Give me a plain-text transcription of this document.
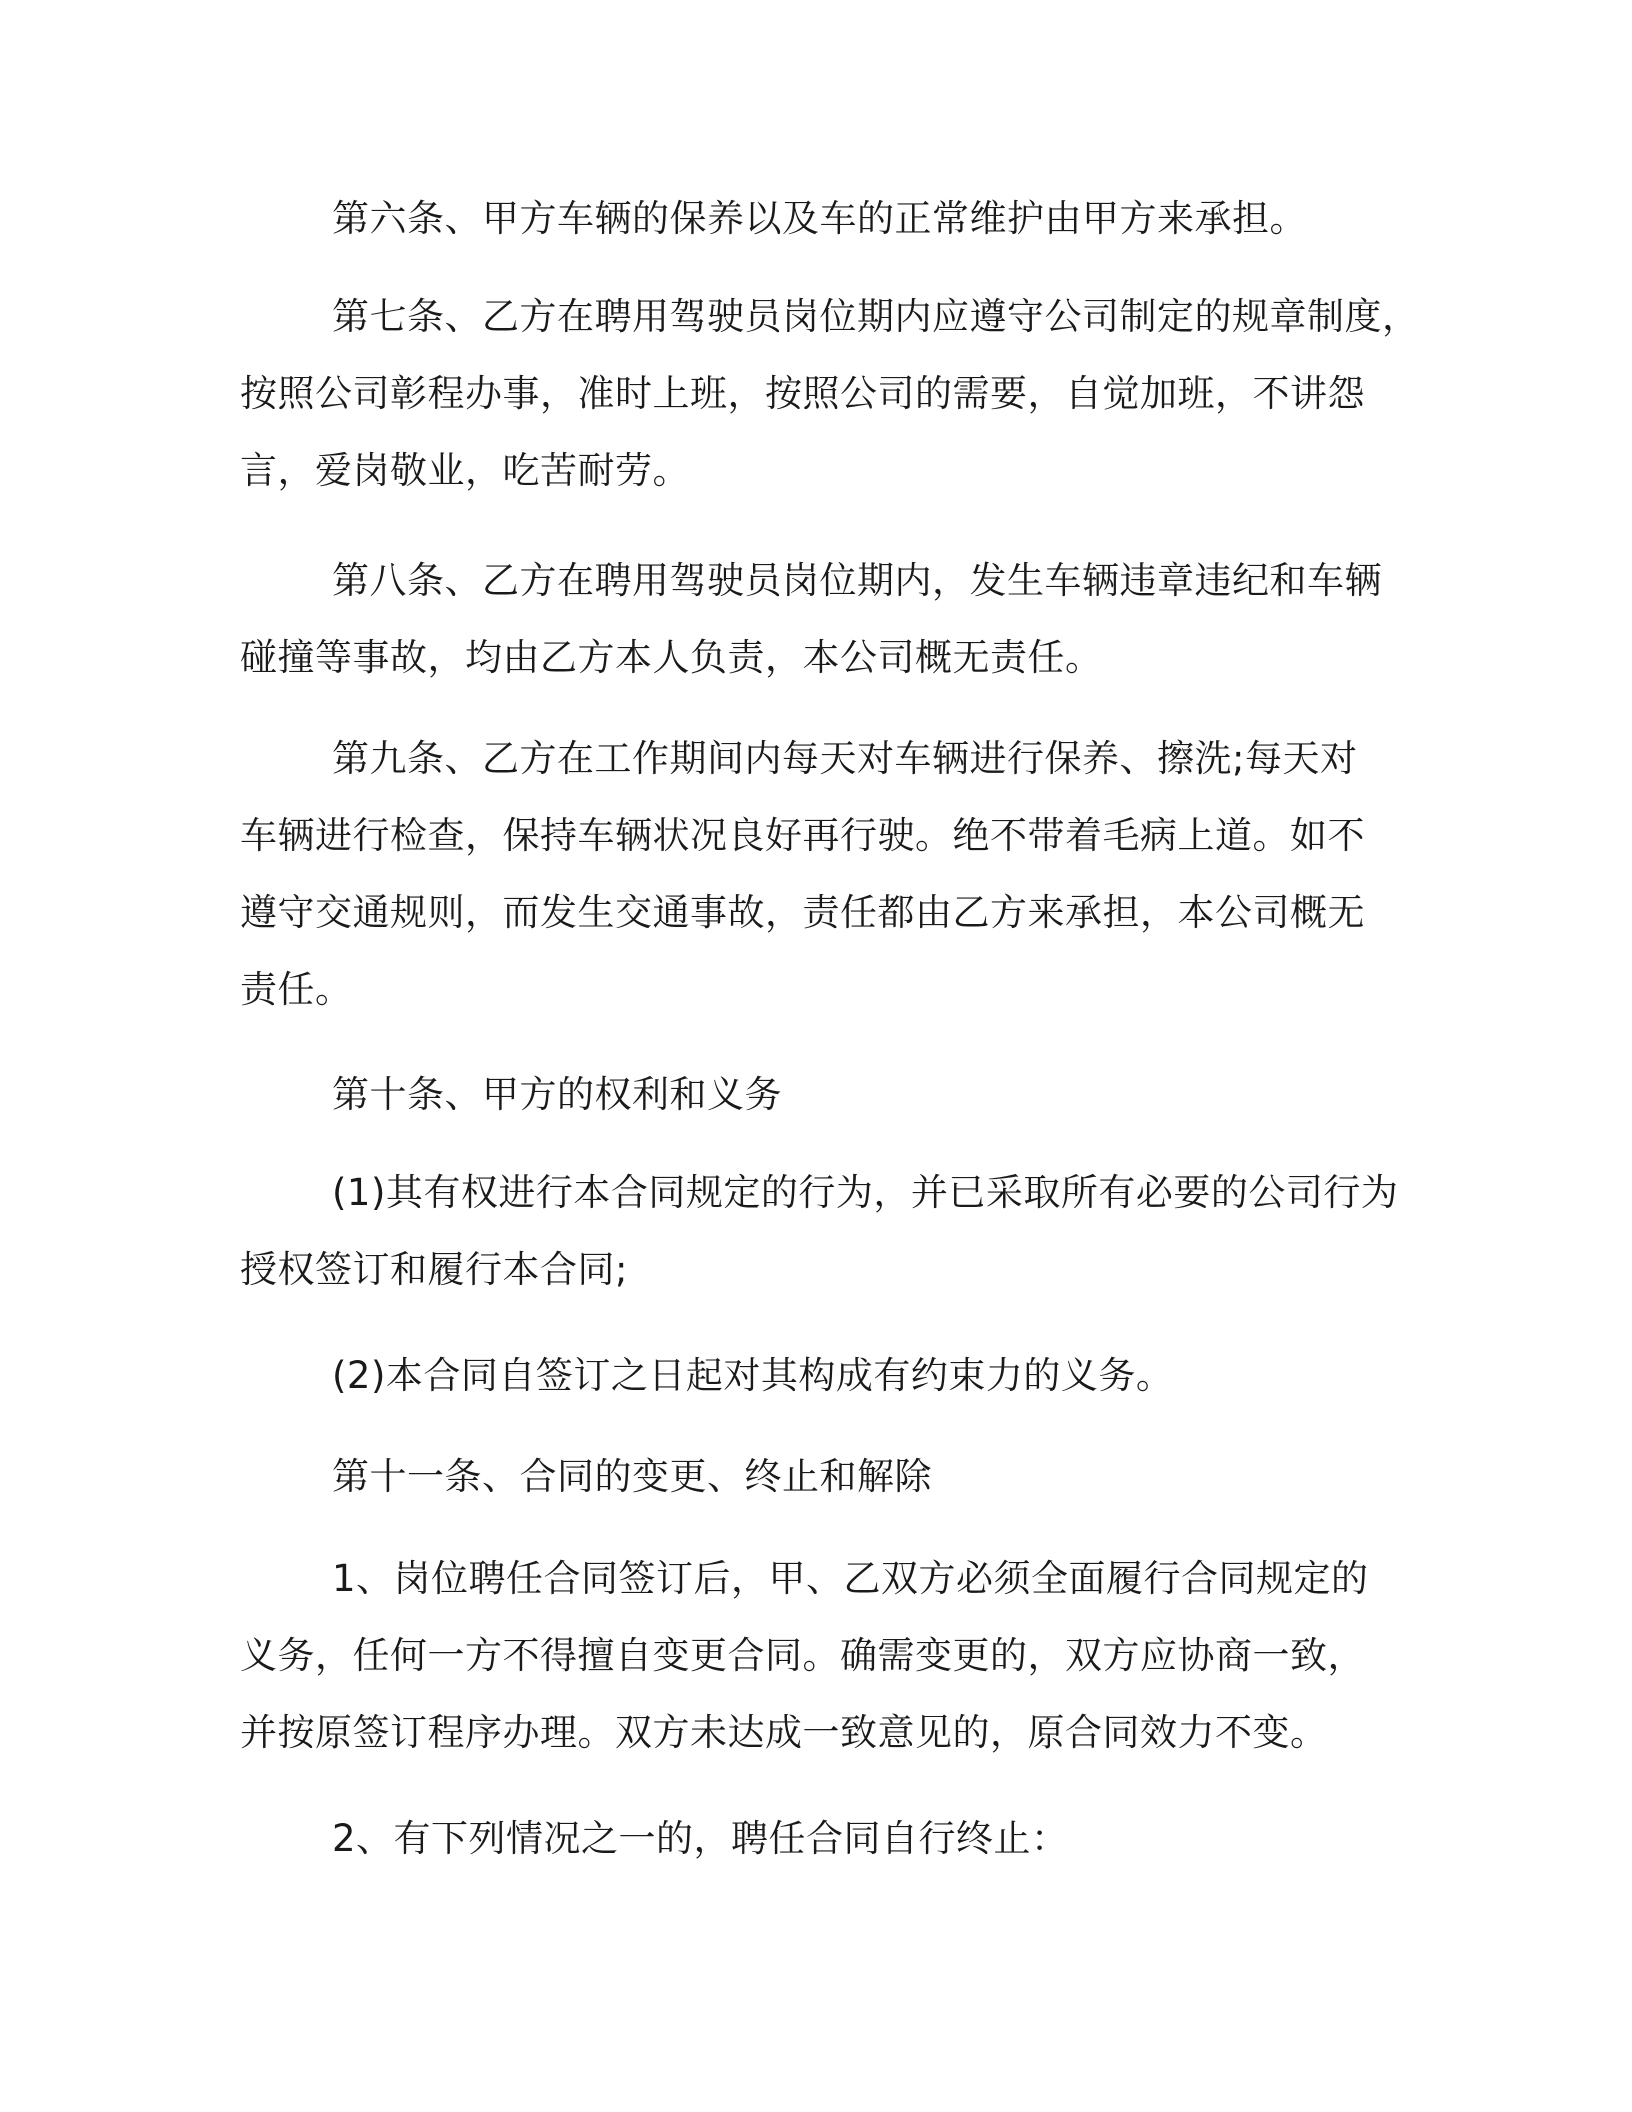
第六条、甲方车辆的保养以及车的正常维护由甲方来承担。

第七条、乙方在聘用驾驶员岗位期内应遵守公司制定的规章制度，
按照公司彰程办事，准时上班，按照公司的需要，自觉加班，不讲怨
言，爱岗敬业，吃苦耐劳。

第八条、乙方在聘用驾驶员岗位期内，发生车辆违章违纪和车辆
碰撞等事故，均由乙方本人负责，本公司概无责任。

第九条、乙方在工作期间内每天对车辆进行保养、擦洗;每天对
车辆进行检查，保持车辆状况良好再行驶。绝不带着毛病上道。如不
遵守交通规则，而发生交通事故，责任都由乙方来承担，本公司概无
责任。

第十条、甲方的权利和义务

(1)其有权进行本合同规定的行为，并已采取所有必要的公司行为
授权签订和履行本合同;

(2)本合同自签订之日起对其构成有约束力的义务。

第十一条、合同的变更、终止和解除

1、岗位聘任合同签订后，甲、乙双方必须全面履行合同规定的
义务，任何一方不得擅自变更合同。确需变更的，双方应协商一致，
并按原签订程序办理。双方未达成一致意见的，原合同效力不变。

2、有下列情况之一的，聘任合同自行终止：
